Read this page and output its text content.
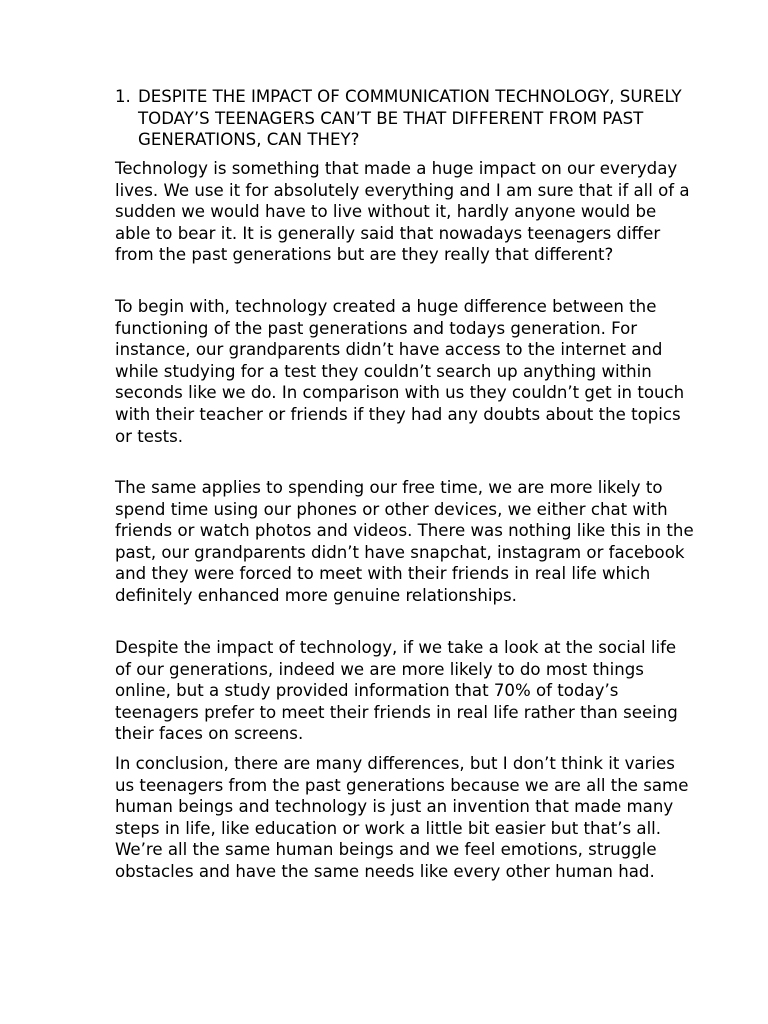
1. DESPITE THE IMPACT OF COMMUNICATION TECHNOLOGY, SURELY TODAY’S TEENAGERS CAN’T BE THAT DIFFERENT FROM PAST GENERATIONS, CAN THEY?

Technology is something that made a huge impact on our everyday lives. We use it for absolutely everything and I am sure that if all of a sudden we would have to live without it, hardly anyone would be able to bear it. It is generally said that nowadays teenagers differ from the past generations but are they really that different?

To begin with, technology created a huge difference between the functioning of the past generations and todays generation. For instance, our grandparents didn’t have access to the internet and while studying for a test they couldn’t search up anything within seconds like we do. In comparison with us they couldn’t get in touch with their teacher or friends if they had any doubts about the topics or tests.

The same applies to spending our free time, we are more likely to spend time using our phones or other devices, we either chat with friends or watch photos and videos. There was nothing like this in the past, our grandparents didn’t have snapchat, instagram or facebook and they were forced to meet with their friends in real life which definitely enhanced more genuine relationships.

Despite the impact of technology, if we take a look at the social life of our generations, indeed we are more likely to do most things online, but a study provided information that 70% of today’s teenagers prefer to meet their friends in real life rather than seeing their faces on screens.

In conclusion, there are many differences, but I don’t think it varies us teenagers from the past generations because we are all the same human beings and technology is just an invention that made many steps in life, like education or work a little bit easier but that’s all. We’re all the same human beings and we feel emotions, struggle obstacles and have the same needs like every other human had.
